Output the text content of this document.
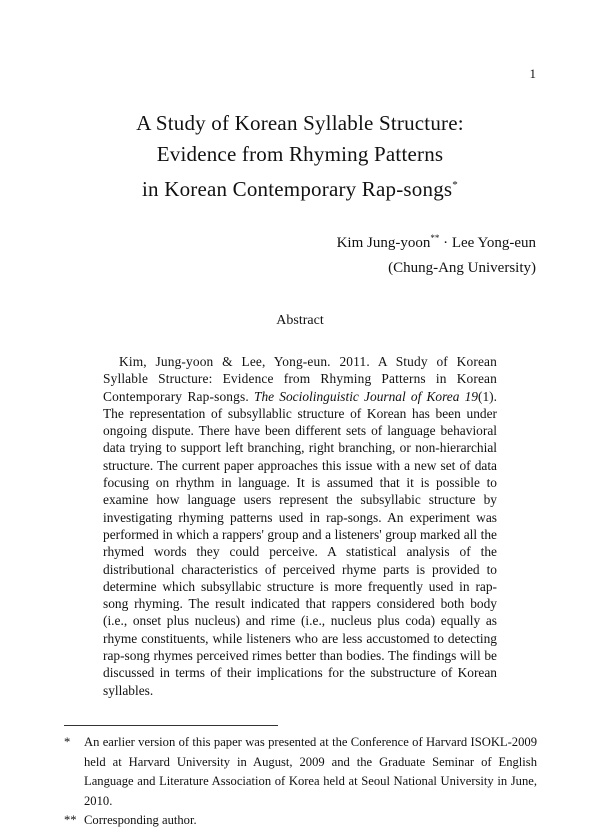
1
A Study of Korean Syllable Structure:
Evidence from Rhyming Patterns
in Korean Contemporary Rap-songs*
Kim Jung-yoon** · Lee Yong-eun
(Chung-Ang University)
Abstract
Kim, Jung-yoon & Lee, Yong-eun. 2011. A Study of Korean Syllable Structure: Evidence from Rhyming Patterns in Korean Contemporary Rap-songs. The Sociolinguistic Journal of Korea 19(1). The representation of subsyllablic structure of Korean has been under ongoing dispute. There have been different sets of language behavioral data trying to support left branching, right branching, or non-hierarchial structure. The current paper approaches this issue with a new set of data focusing on rhythm in language. It is assumed that it is possible to examine how language users represent the subsyllabic structure by investigating rhyming patterns used in rap-songs. An experiment was performed in which a rappers' group and a listeners' group marked all the rhymed words they could perceive. A statistical analysis of the distributional characteristics of perceived rhyme parts is provided to determine which subsyllabic structure is more frequently used in rap-song rhyming. The result indicated that rappers considered both body (i.e., onset plus nucleus) and rime (i.e., nucleus plus coda) equally as rhyme constituents, while listeners who are less accustomed to detecting rap-song rhymes perceived rimes better than bodies. The findings will be discussed in terms of their implications for the substructure of Korean syllables.
* An earlier version of this paper was presented at the Conference of Harvard ISOKL-2009 held at Harvard University in August, 2009 and the Graduate Seminar of English Language and Literature Association of Korea held at Seoul National University in June, 2010.
** Corresponding author.
